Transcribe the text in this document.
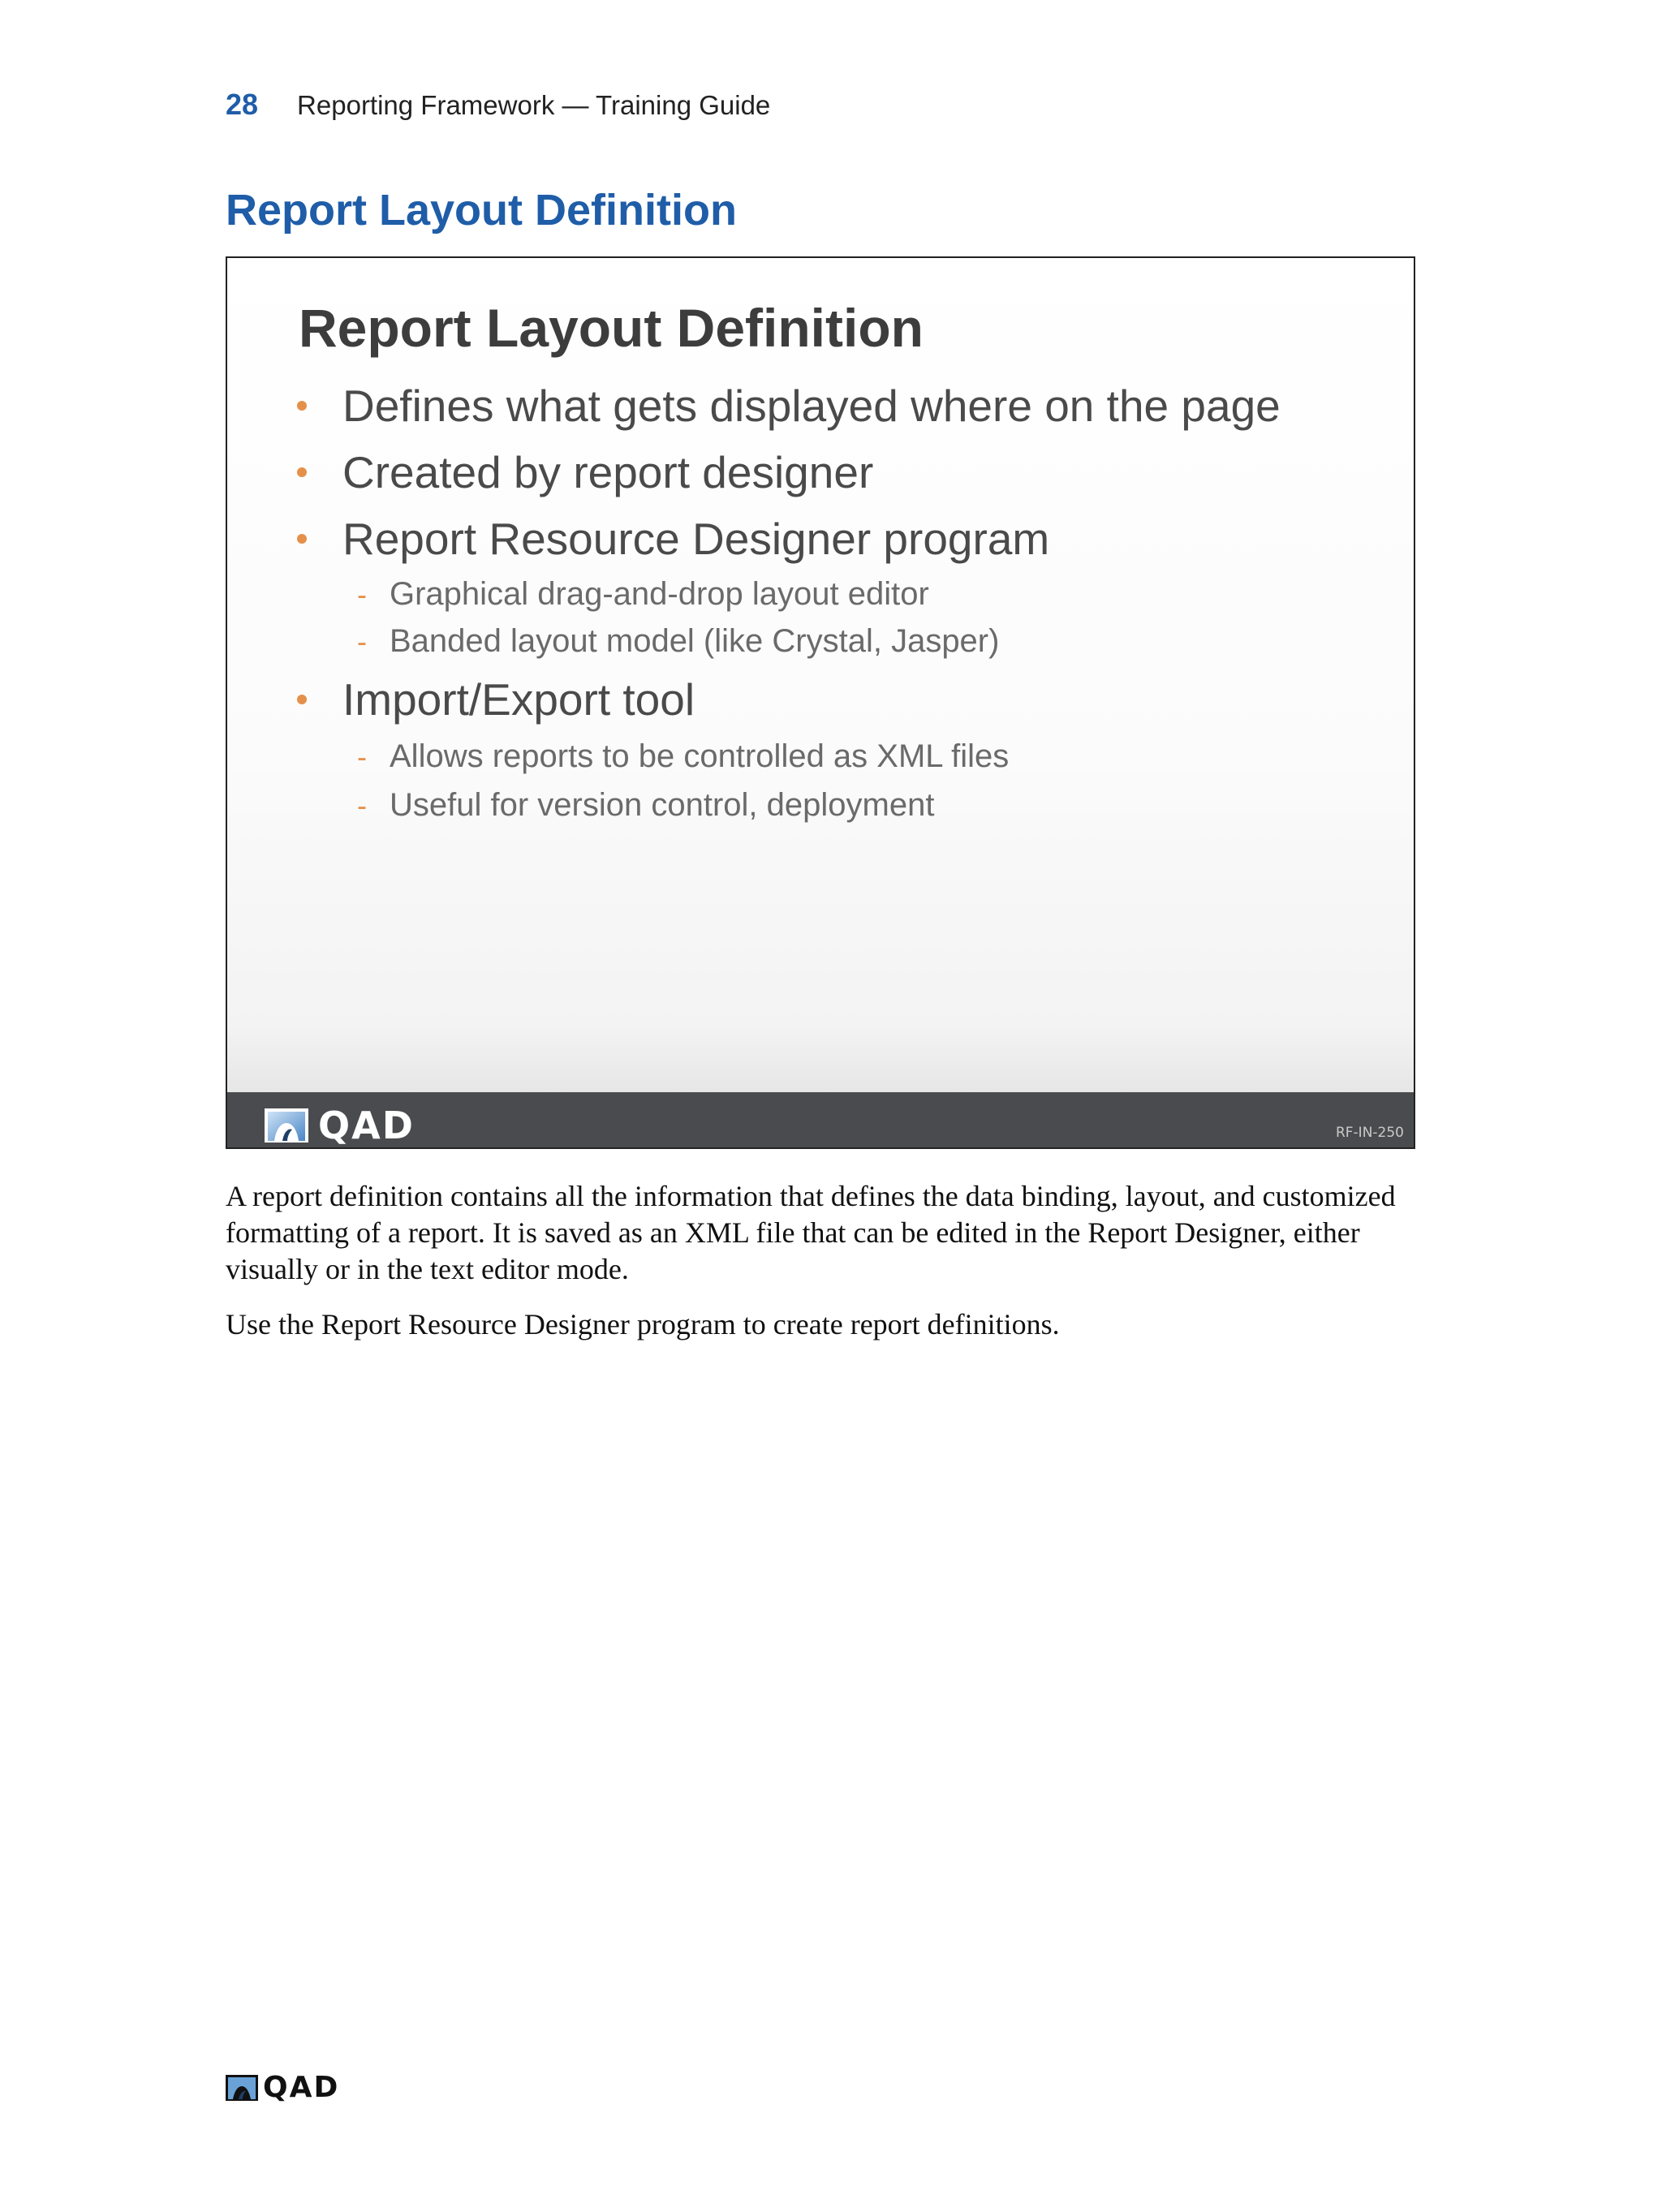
28 Reporting Framework — Training Guide
Report Layout Definition
Report Layout Definition
Defines what gets displayed where on the page
Created by report designer
Report Resource Designer program
- Graphical drag-and-drop layout editor
- Banded layout model (like Crystal, Jasper)
Import/Export tool
- Allows reports to be controlled as XML files
- Useful for version control, deployment
QAD	RF-IN-250

A report definition contains all the information that defines the data binding, layout, and customized formatting of a report. It is saved as an XML file that can be edited in the Report Designer, either visually or in the text editor mode.

Use the Report Resource Designer program to create report definitions.

QAD
